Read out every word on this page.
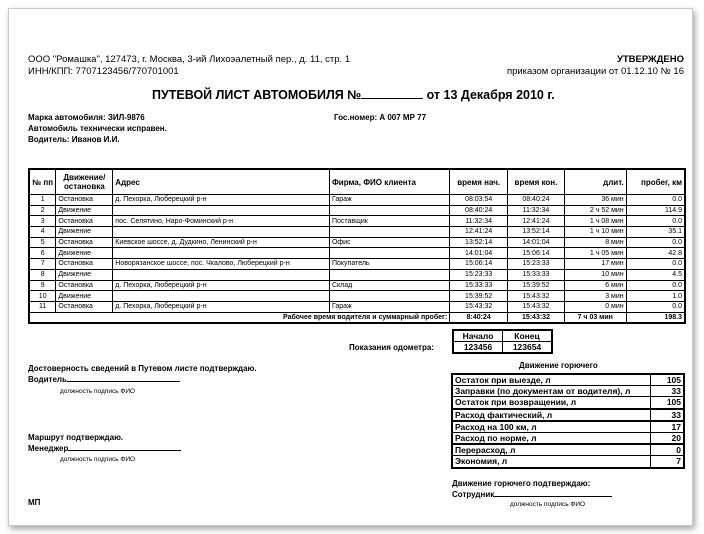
ООО "Ромашка", 127473, г. Москва, 3-ий Лихоэалетный пер., д. 11, стр. 1
ИНН/КПП: 7707123456/770701001
УТВЕРЖДЕНО
приказом организации от 01.12.10 № 16
ПУТЕВОЙ ЛИСТ АВТОМОБИЛЯ №	от 13 Декабря 2010 г.
Марка автомобиля: ЗИЛ-9876	Гос.номер: А 007 МР 77
Автомобиль технически исправен.
Водитель: Иванов И.И.
№ пп	Движение/ остановка	Адрес	Фирма, ФИО клиента	время нач.	время кон.	длит.	пробег, км
1	Остановка	д. Пехорка, Люберецкий р-н	Гараж	08:03:54	08:40:24	36 мин	0.0
2	Движение			08:40:24	11:32:34	2 ч 52 мин	114.9
3	Остановка	пос. Селятино, Наро-Фоминский р-н	Поставщик	11:32:34	12:41:24	1 ч 08 мин	0.0
4	Движение			12:41:24	13:52:14	1 ч 10 мин	35.1
5	Остановка	Киевское шоссе, д. Дудкино, Ленинский р-н	Офис	13:52:14	14:01:04	8 мин	0.0
6	Движение			14:01:04	15:06:14	1 ч 05 мин	42.8
7	Остановка	Новорязанское шоссе, пос. Чкалово, Люберецкий р-н	Покупатель	15:06:14	15:23:33	17 мин	0.0
8	Движение			15:23:33	15:33:33	10 мин	4.5
9	Остановка	д. Пехорка, Люберецкий р-н	Склад	15:33:33	15:39:52	6 мин	0.0
10	Движение			15:39:52	15:43:32	3 мин	1.0
11	Остановка	д. Пехорка, Люберецкий р-н	Гараж	15:43:32	15:43:32	0 мин	0.0
Рабочее время водителя и суммарный пробег:				8:40:24	15:43:32	7 ч 03 мин	198.3
Показания одометра:
Начало	Конец
123456	123654
Достоверность сведений в Путевом листе подтверждаю.
Водитель
должность подпись ФИО
Маршрут подтверждаю.
Менеджер
должность подпись ФИО
МП
Движение горючего
Остаток при выезде, л	105
Заправки (по документам от водителя), л	33
Остаток при возвращении, л	105
Расход фактический, л	33
Расход на 100 км, л	17
Расход по норме, л	20
Перерасход, л	0
Экономия, л	7
Движение горючего подтверждаю:
Сотрудник
должность подпись ФИО
